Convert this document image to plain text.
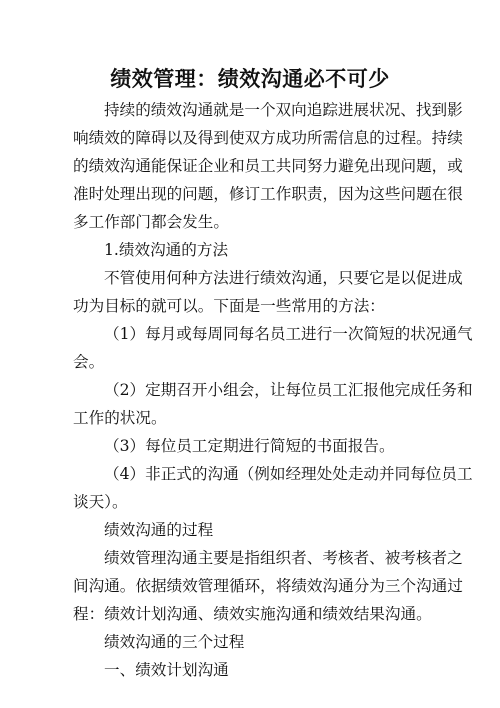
绩效管理：绩效沟通必不可少
持续的绩效沟通就是一个双向追踪进展状况、找到影
响绩效的障碍以及得到使双方成功所需信息的过程。持续
的绩效沟通能保证企业和员工共同努力避免出现问题，或
准时处理出现的问题，修订工作职责，因为这些问题在很
多工作部门都会发生。
1.绩效沟通的方法
不管使用何种方法进行绩效沟通，只要它是以促进成
功为目标的就可以。下面是一些常用的方法：
（1）每月或每周同每名员工进行一次简短的状况通气
会。
（2）定期召开小组会，让每位员工汇报他完成任务和
工作的状况。
（3）每位员工定期进行简短的书面报告。
（4）非正式的沟通（例如经理处处走动并同每位员工
谈天）。
绩效沟通的过程
绩效管理沟通主要是指组织者、考核者、被考核者之
间沟通。依据绩效管理循环，将绩效沟通分为三个沟通过
程：绩效计划沟通、绩效实施沟通和绩效结果沟通。
绩效沟通的三个过程
一、绩效计划沟通
